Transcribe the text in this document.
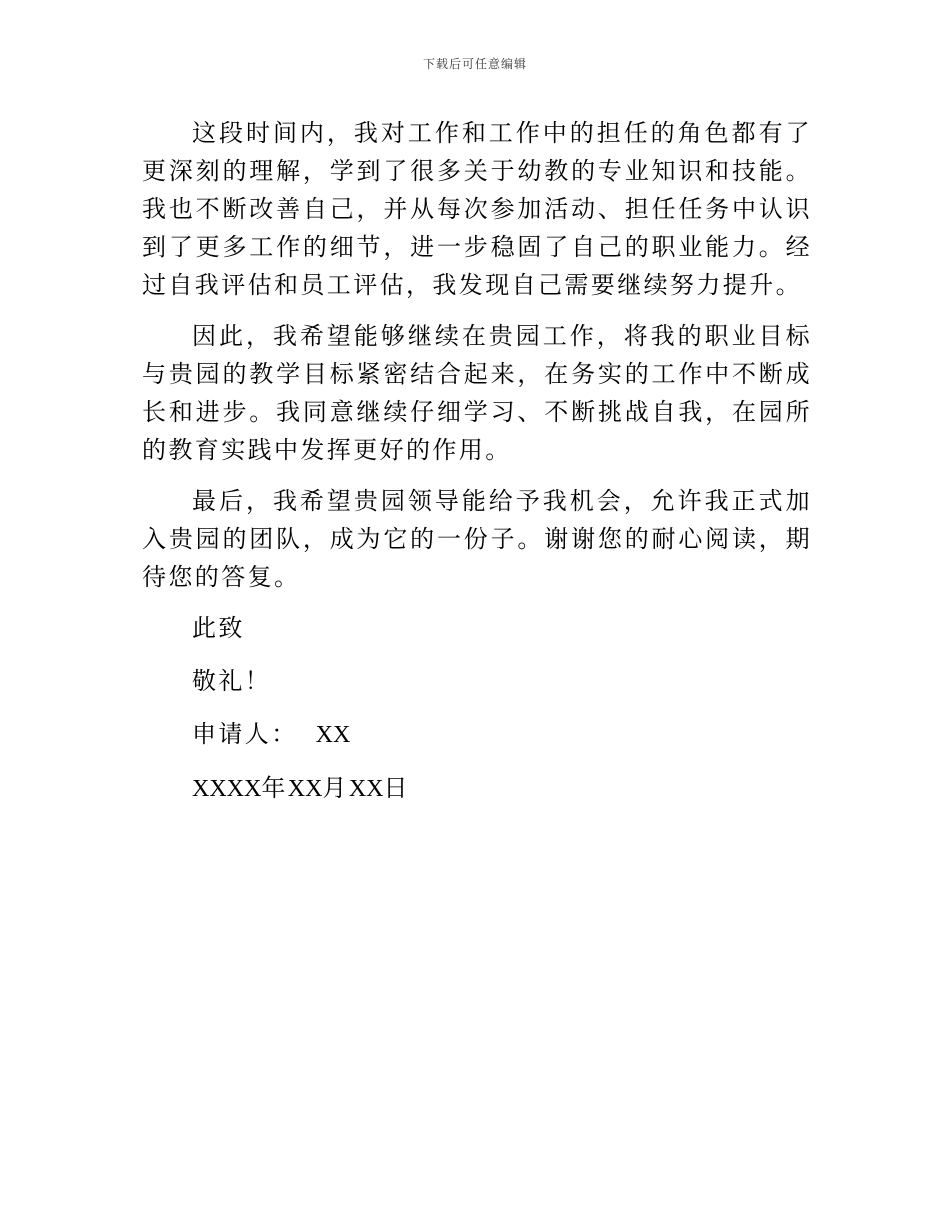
下载后可任意编辑

这段时间内，我对工作和工作中的担任的角色都有了更深刻的理解，学到了很多关于幼教的专业知识和技能。我也不断改善自己，并从每次参加活动、担任任务中认识到了更多工作的细节，进一步稳固了自己的职业能力。经过自我评估和员工评估，我发现自己需要继续努力提升。

因此，我希望能够继续在贵园工作，将我的职业目标与贵园的教学目标紧密结合起来，在务实的工作中不断成长和进步。我同意继续仔细学习、不断挑战自我，在园所的教育实践中发挥更好的作用。

最后，我希望贵园领导能给予我机会，允许我正式加入贵园的团队，成为它的一份子。谢谢您的耐心阅读，期待您的答复。

此致
敬礼！
申请人： XX
XXXX年XX月XX日
